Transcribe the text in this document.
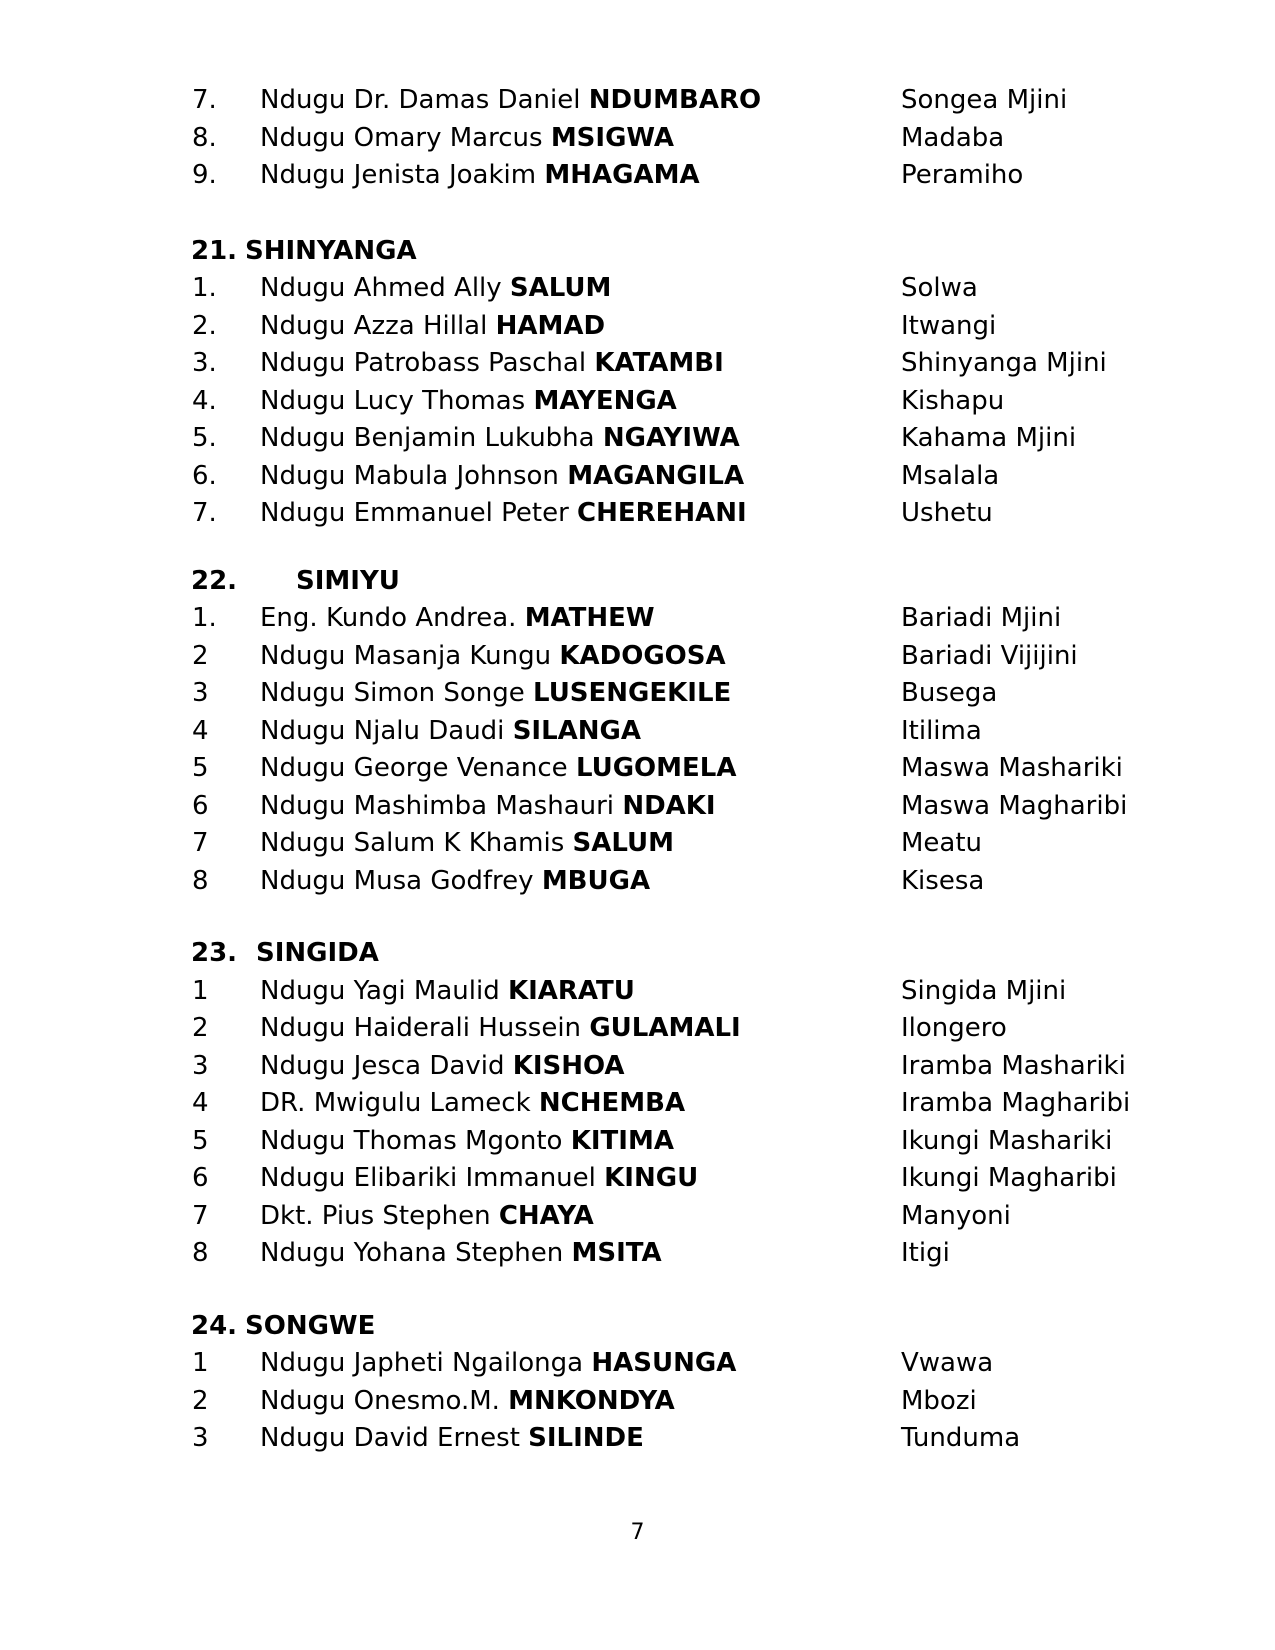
7.	Ndugu Dr. Damas Daniel NDUMBARO	Songea Mjini
8.	Ndugu Omary Marcus MSIGWA	Madaba
9.	Ndugu Jenista Joakim MHAGAMA	Peramiho
21. SHINYANGA
1.	Ndugu Ahmed Ally SALUM	Solwa
2.	Ndugu Azza Hillal HAMAD	Itwangi
3.	Ndugu Patrobass Paschal KATAMBI	Shinyanga Mjini
4.	Ndugu Lucy Thomas MAYENGA	Kishapu
5.	Ndugu Benjamin Lukubha NGAYIWA	Kahama Mjini
6.	Ndugu Mabula Johnson MAGANGILA	Msalala
7.	Ndugu Emmanuel Peter CHEREHANI	Ushetu
22. SIMIYU
1.	Eng. Kundo Andrea. MATHEW	Bariadi Mjini
2	Ndugu Masanja Kungu KADOGOSA	Bariadi Vijijini
3	Ndugu Simon Songe LUSENGEKILE	Busega
4	Ndugu Njalu Daudi SILANGA	Itilima
5	Ndugu George Venance LUGOMELA	Maswa Mashariki
6	Ndugu Mashimba Mashauri NDAKI	Maswa Magharibi
7	Ndugu Salum K Khamis SALUM	Meatu
8	Ndugu Musa Godfrey MBUGA	Kisesa
23. SINGIDA
1	Ndugu Yagi Maulid KIARATU	Singida Mjini
2	Ndugu Haiderali Hussein GULAMALI	Ilongero
3	Ndugu Jesca David KISHOA	Iramba Mashariki
4	DR. Mwigulu Lameck NCHEMBA	Iramba Magharibi
5	Ndugu Thomas Mgonto KITIMA	Ikungi Mashariki
6	Ndugu Elibariki Immanuel KINGU	Ikungi Magharibi
7	Dkt. Pius Stephen CHAYA	Manyoni
8	Ndugu Yohana Stephen MSITA	Itigi
24. SONGWE
1	Ndugu Japheti Ngailonga HASUNGA	Vwawa
2	Ndugu Onesmo.M. MNKONDYA	Mbozi
3	Ndugu David Ernest SILINDE	Tunduma
7
